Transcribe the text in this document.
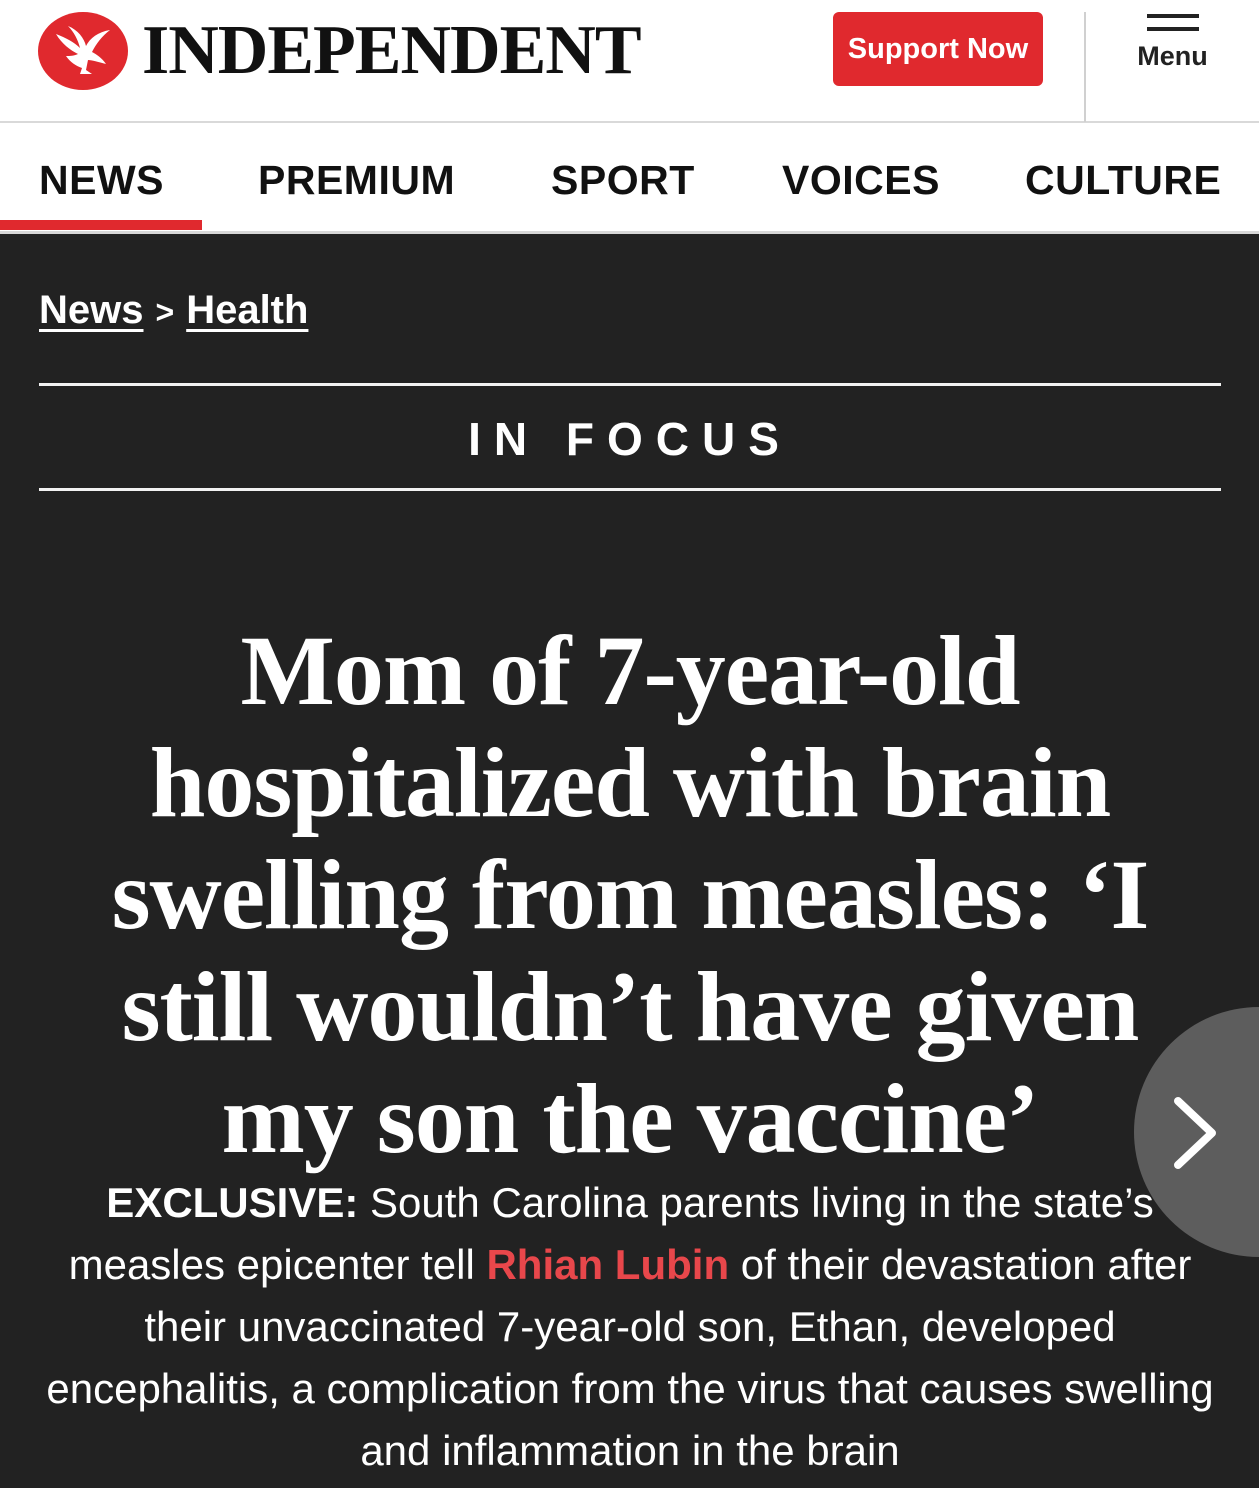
INDEPENDENT	Support Now	Menu
NEWS PREMIUM SPORT VOICES CULTURE
News > Health
IN FOCUS
Mom of 7-year-old hospitalized with brain swelling from measles: ‘I still wouldn’t have given my son the vaccine’

EXCLUSIVE: South Carolina parents living in the state’s measles epicenter tell Rhian Lubin of their devastation after their unvaccinated 7-year-old son, Ethan, developed encephalitis, a complication from the virus that causes swelling and inflammation in the brain
